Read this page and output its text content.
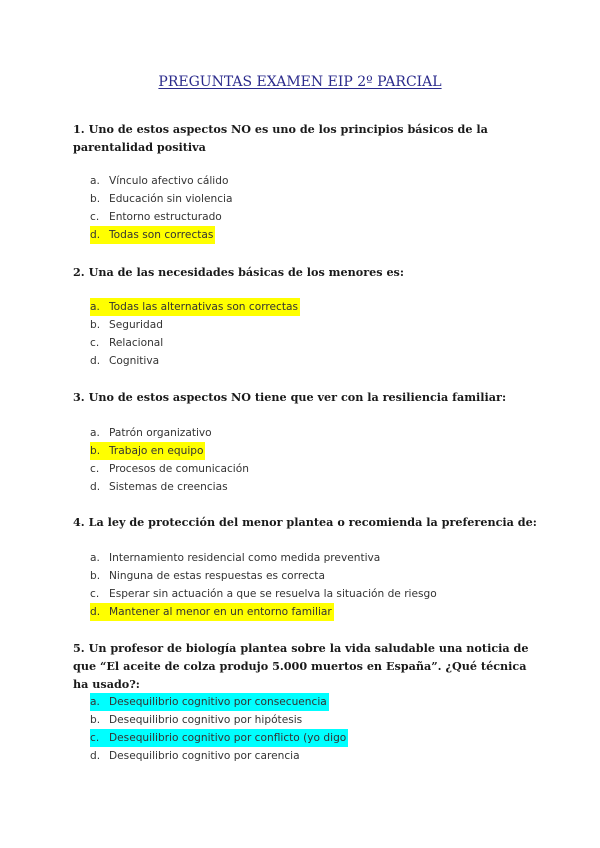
PREGUNTAS EXAMEN EIP 2º PARCIAL
1. Uno de estos aspectos NO es uno de los principios básicos de la parentalidad positiva
a. Vínculo afectivo cálido
b. Educación sin violencia
c. Entorno estructurado
d. Todas son correctas
2. Una de las necesidades básicas de los menores es:
a. Todas las alternativas son correctas
b. Seguridad
c. Relacional
d. Cognitiva
3. Uno de estos aspectos NO tiene que ver con la resiliencia familiar:
a. Patrón organizativo
b. Trabajo en equipo
c. Procesos de comunicación
d. Sistemas de creencias
4. La ley de protección del menor plantea o recomienda la preferencia de:
a. Internamiento residencial como medida preventiva
b. Ninguna de estas respuestas es correcta
c. Esperar sin actuación a que se resuelva la situación de riesgo
d. Mantener al menor en un entorno familiar
5. Un profesor de biología plantea sobre la vida saludable una noticia de que “El aceite de colza produjo 5.000 muertos en España”. ¿Qué técnica ha usado?:
a. Desequilibrio cognitivo por consecuencia
b. Desequilibrio cognitivo por hipótesis
c. Desequilibrio cognitivo por conflicto (yo digo
d. Desequilibrio cognitivo por carencia
